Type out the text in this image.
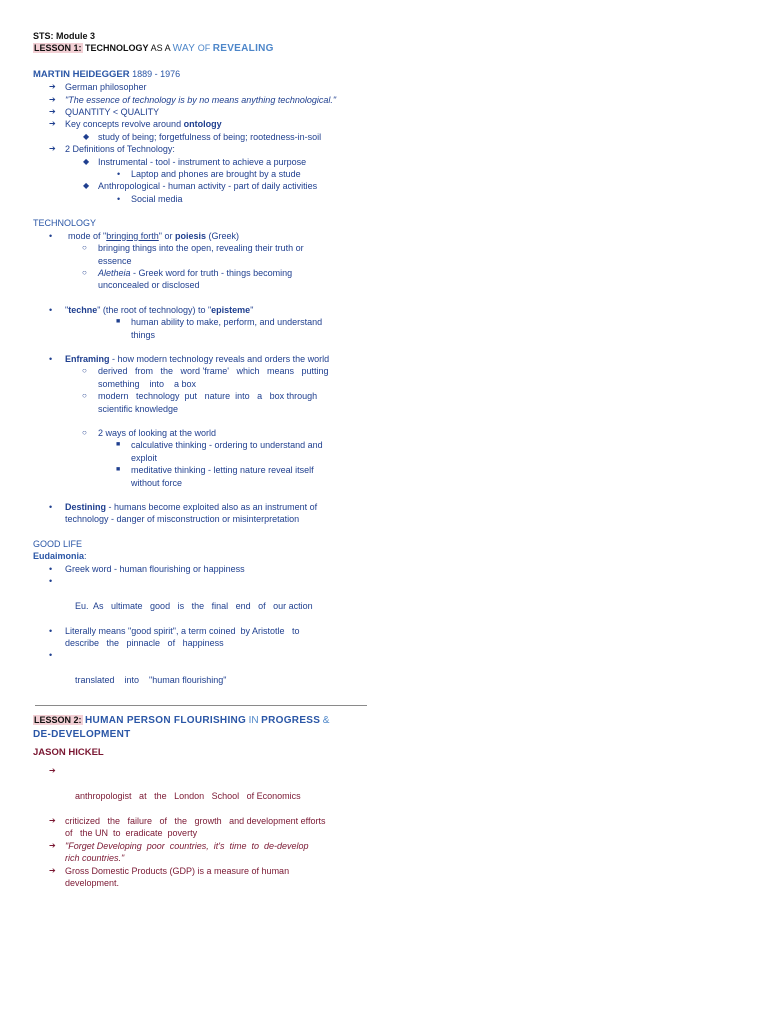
STS: Module 3
LESSON 1: TECHNOLOGY AS A WAY OF REVEALING
MARTIN HEIDEGGER 1889 - 1976
➔
German philosopher
➔
"The essence of technology is by no means anything technological."
➔
QUANTITY < QUALITY
➔
Key concepts revolve around ontology
◆ study of being; forgetfulness of being; rootedness-in-soil
➔
2 Definitions of Technology:
◆ Instrumental - tool - instrument to achieve a purpose
• Laptop and phones are brought by a stude
◆ Anthropological - human activity - part of daily activities
• Social media
TECHNOLOGY
• mode of "bringing forth" or poiesis (Greek)
○ bringing things into the open, revealing their truth or
essence
○ Aletheia - Greek word for truth - things becoming
unconcealed or disclosed
• "techne" (the root of technology) to "episteme"
■ human ability to make, perform, and understand
things
• Enframing - how modern technology reveals and orders the world
○ derived   from   the   word 'frame'   which   means   putting
something    into    a box
○ modern   technology  put   nature  into   a   box through
scientific knowledge
○ 2 ways of looking at the world
■ calculative thinking - ordering to understand and
exploit
■ meditative thinking - letting nature reveal itself
without force
• Destining - humans become exploited also as an instrument of
technology - danger of misconstruction or misinterpretation
GOOD LIFE
Eudaimonia:
• Greek word - human flourishing or happiness

•

Eu.  As   ultimate   good   is   the   final   end   of   our action

• Literally means "good spirit", a term coined  by Aristotle   to
describe   the   pinnacle   of   happiness

•

translated    into    "human flourishing"

LESSON 2: HUMAN PERSON FLOURISHING IN PROGRESS &
DE-DEVELOPMENT
JASON HICKEL

➔

anthropologist   at   the   London   School   of Economics

➔
criticized   the   failure   of   the   growth   and development efforts
of   the UN  to  eradicate  poverty
➔
"Forget Developing  poor  countries,  it's  time  to  de-develop
rich countries."
➔
Gross Domestic Products (GDP) is a measure of human
development.
